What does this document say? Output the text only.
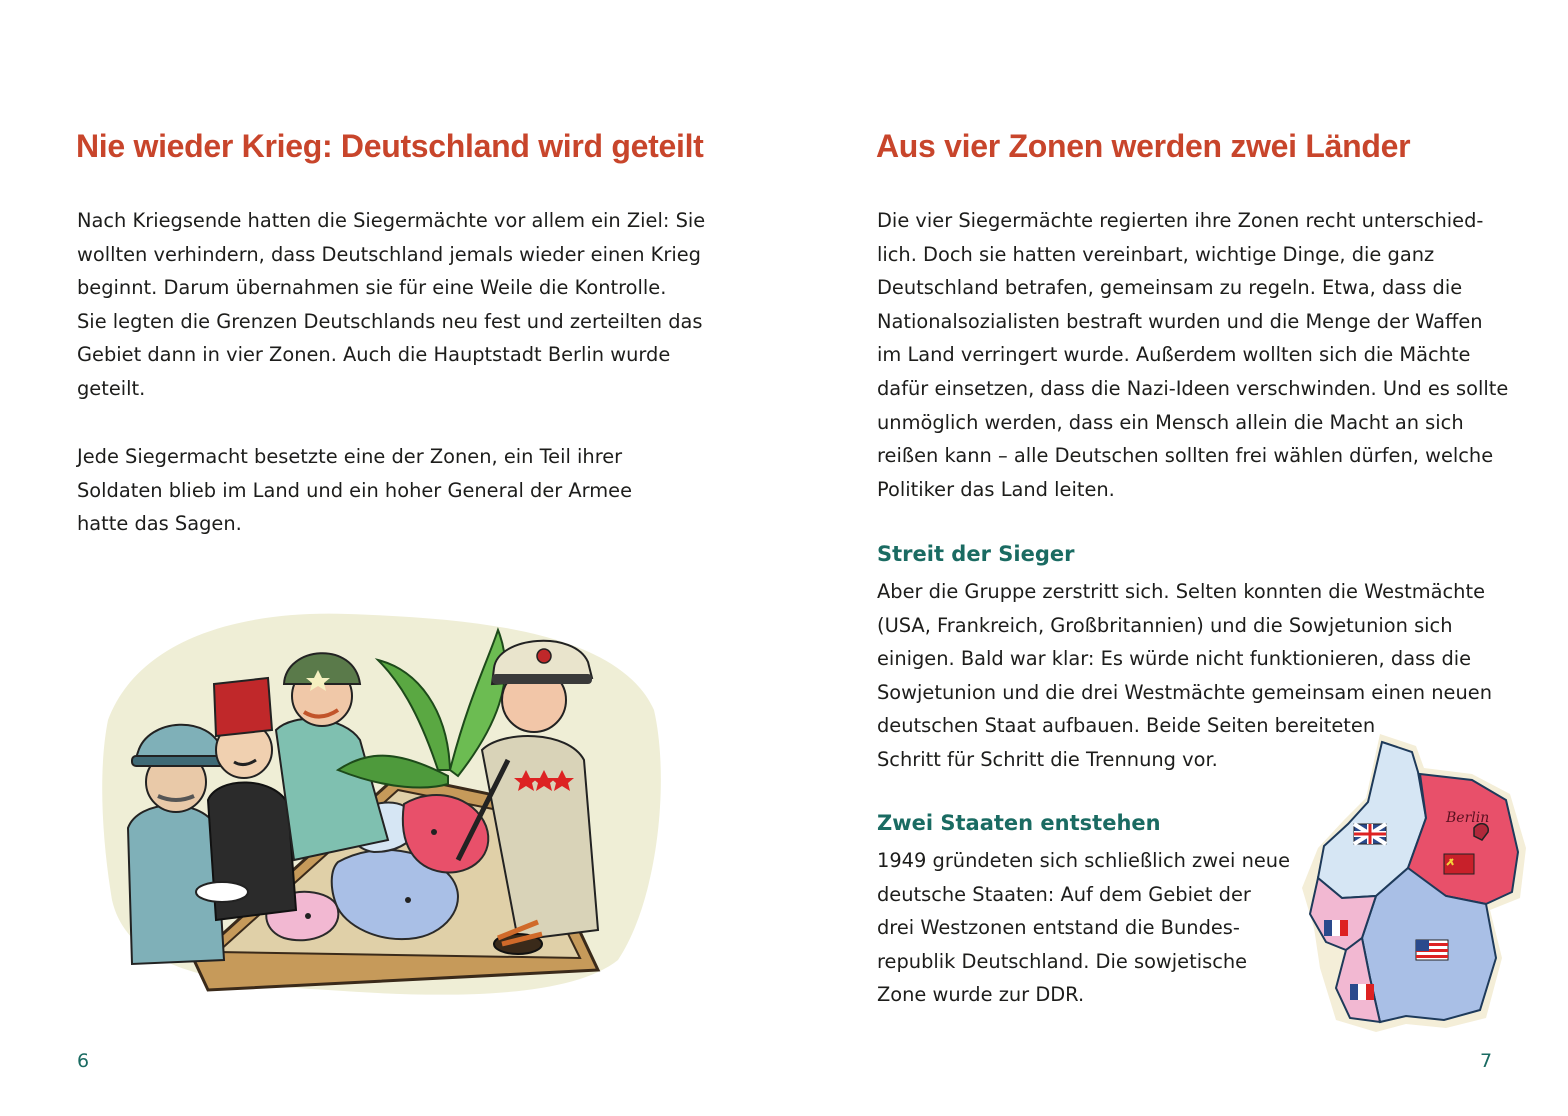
Nie wieder Krieg: Deutschland wird geteilt

Nach Kriegsende hatten die Siegermächte vor allem ein Ziel: Sie
wollten verhindern, dass Deutschland jemals wieder einen Krieg
beginnt. Darum übernahmen sie für eine Weile die Kontrolle.
Sie legten die Grenzen Deutschlands neu fest und zerteilten das
Gebiet dann in vier Zonen. Auch die Hauptstadt Berlin wurde
geteilt.

Jede Siegermacht besetzte eine der Zonen, ein Teil ihrer
Soldaten blieb im Land und ein hoher General der Armee
hatte das Sagen.

6

Aus vier Zonen werden zwei Länder

Die vier Siegermächte regierten ihre Zonen recht unterschied-
lich. Doch sie hatten vereinbart, wichtige Dinge, die ganz
Deutschland betrafen, gemeinsam zu regeln. Etwa, dass die
Nationalsozialisten bestraft wurden und die Menge der Waffen
im Land verringert wurde. Außerdem wollten sich die Mächte
dafür einsetzen, dass die Nazi-Ideen verschwinden. Und es sollte
unmöglich werden, dass ein Mensch allein die Macht an sich
reißen kann – alle Deutschen sollten frei wählen dürfen, welche
Politiker das Land leiten.

Streit der Sieger

Aber die Gruppe zerstritt sich. Selten konnten die Westmächte
(USA, Frankreich, Großbritannien) und die Sowjetunion sich
einigen. Bald war klar: Es würde nicht funktionieren, dass die
Sowjetunion und die drei Westmächte gemeinsam einen neuen
deutschen Staat aufbauen. Beide Seiten bereiteten
Schritt für Schritt die Trennung vor.

Zwei Staaten entstehen

1949 gründeten sich schließlich zwei neue
deutsche Staaten: Auf dem Gebiet der
drei Westzonen entstand die Bundes-
republik Deutschland. Die sowjetische
Zone wurde zur DDR.

Berlin

7
